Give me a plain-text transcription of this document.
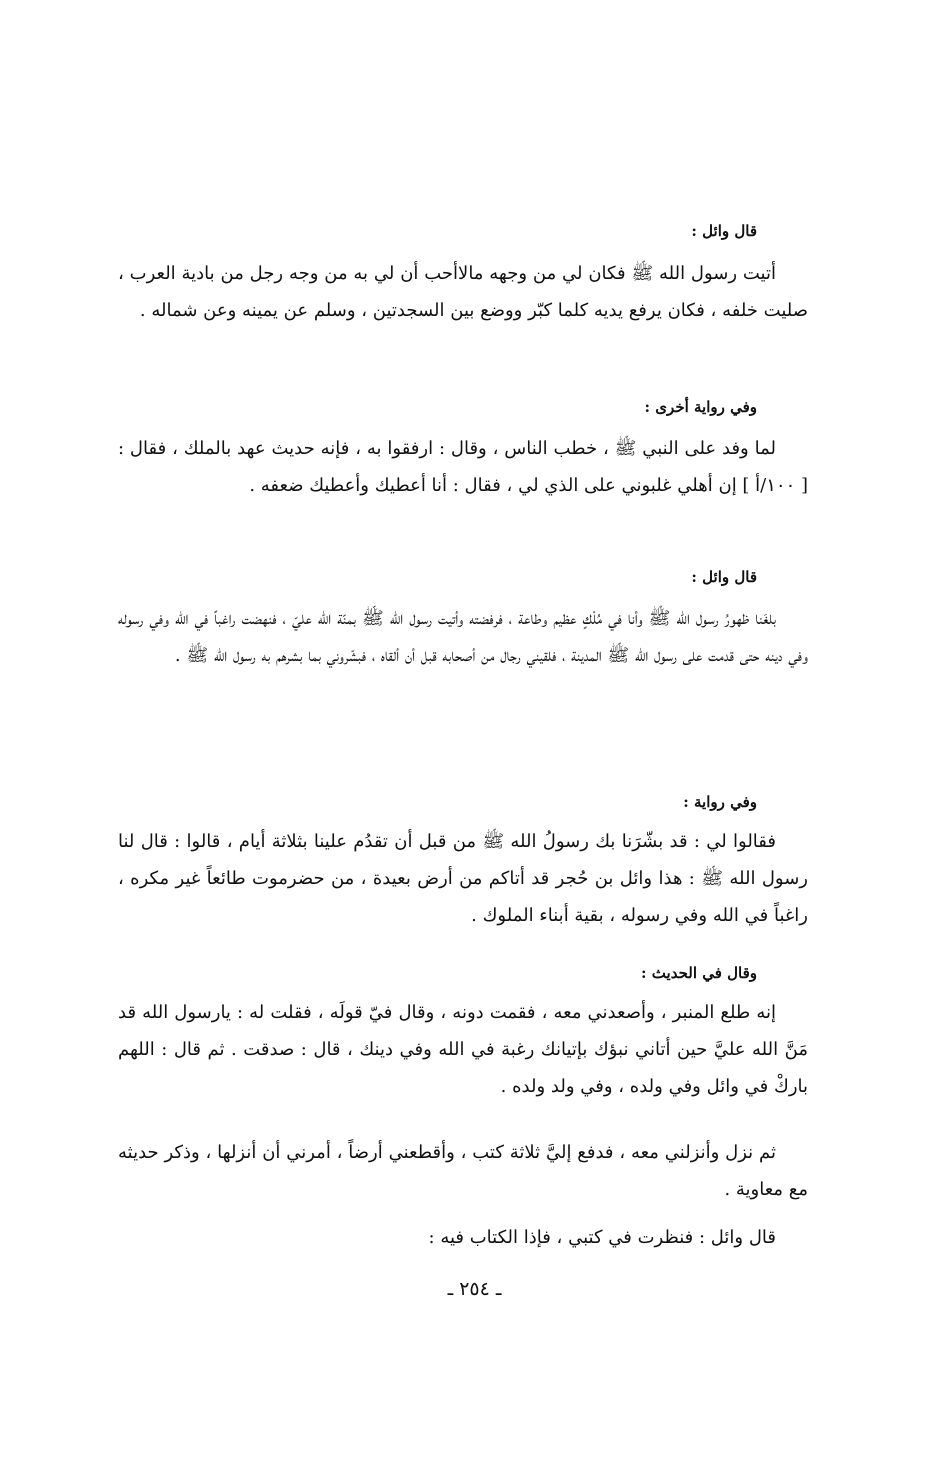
قال وائل :

أتيت رسول الله ﷺ فكان لي من وجهه مالاأحب أن لي به من وجه رجل من بادية العرب ، صليت خلفه ، فكان يرفع يديه كلما كبّر ووضع بين السجدتين ، وسلم عن يمينه وعن شماله .

وفي رواية أخرى :

لما وفد على النبي ﷺ ، خطب الناس ، وقال : ارفقوا به ، فإنه حديث عهد بالملك ، فقال : [ ١٠٠/أ ] إن أهلي غلبوني على الذي لي ، فقال : أنا أعطيك وأعطيك ضعفه .

قال وائل :

بلغَنا ظهورُ رسول الله ﷺ وأنا في مُلْكٍ عظيم وطاعة ، فرفضته وأتيت رسول الله ﷺ بمنّة الله عليّ ، فنهضت راغباً في الله وفي رسوله وفي دينه حتى قدمت على رسول الله ﷺ المدينة ، فلقيني رجال من أصحابه قبل أن ألقاه ، فبشّروني بما بشرهم به رسول الله ﷺ .

وفي رواية :

فقالوا لي : قد بشّرَنا بك رسولُ الله ﷺ من قبل أن تقدُم علينا بثلاثة أيام ، قالوا : قال لنا رسول الله ﷺ : هذا وائل بن حُجر قد أتاكم من أرض بعيدة ، من حضرموت طائعاً غير مكره ، راغباً في الله وفي رسوله ، بقية أبناء الملوك .

وقال في الحديث :

إنه طلع المنبر ، وأصعدني معه ، فقمت دونه ، وقال فيّ قولَه ، فقلت له : يارسول الله قد مَنَّ الله عليَّ حين أتاني نبؤك بإتيانك رغبة في الله وفي دينك ، قال : صدقت . ثم قال : اللهم باركْ في وائل وفي ولده ، وفي ولد ولده .

ثم نزل وأنزلني معه ، فدفع إليَّ ثلاثة كتب ، وأقطعني أرضاً ، أمرني أن أنزلها ، وذكر حديثه مع معاوية .

قال وائل : فنظرت في كتبي ، فإذا الكتاب فيه :

ـ ٢٥٤ ـ
